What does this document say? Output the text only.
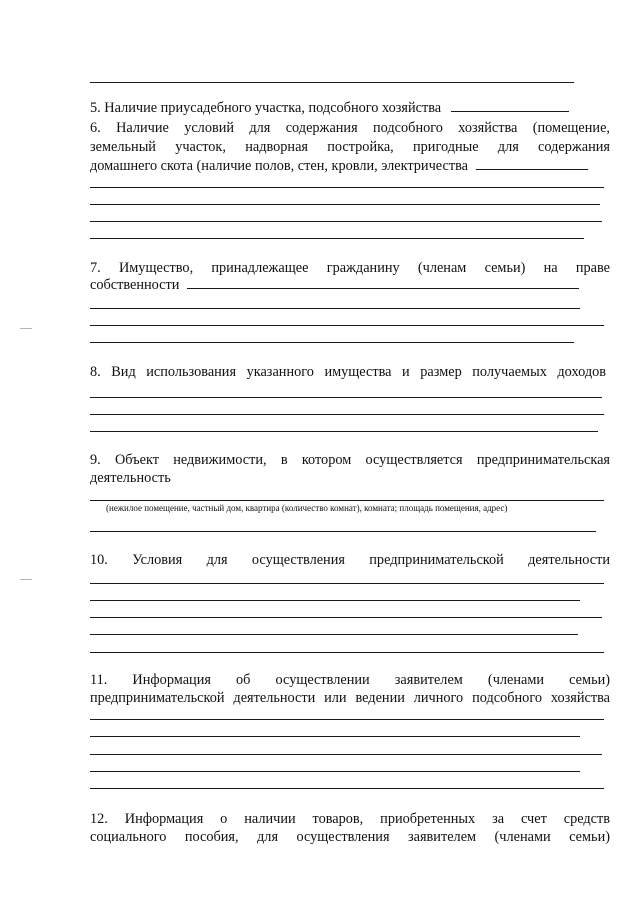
5. Наличие приусадебного участка, подсобного хозяйства

6. Наличие условий для содержания подсобного хозяйства (помещение,

земельный участок, надворная постройка, пригодные для содержания

домашнего скота (наличие полов, стен, кровли, электричества

7. Имущество, принадлежащее гражданину (членам семьи) на праве

собственности

–––

8. Вид использования указанного имущества и размер получаемых доходов

9. Объект недвижимости, в котором осуществляется предпринимательская

деятельность

(нежилое помещение, частный дом, квартира (количество комнат), комната; площадь помещения, адрес)

10. Условия для осуществления предпринимательской деятельности

–––

11. Информация об осуществлении заявителем (членами семьи)

предпринимательской деятельности или ведении личного подсобного хозяйства

12. Информация о наличии товаров, приобретенных за счет средств

социального пособия, для осуществления заявителем (членами семьи)
